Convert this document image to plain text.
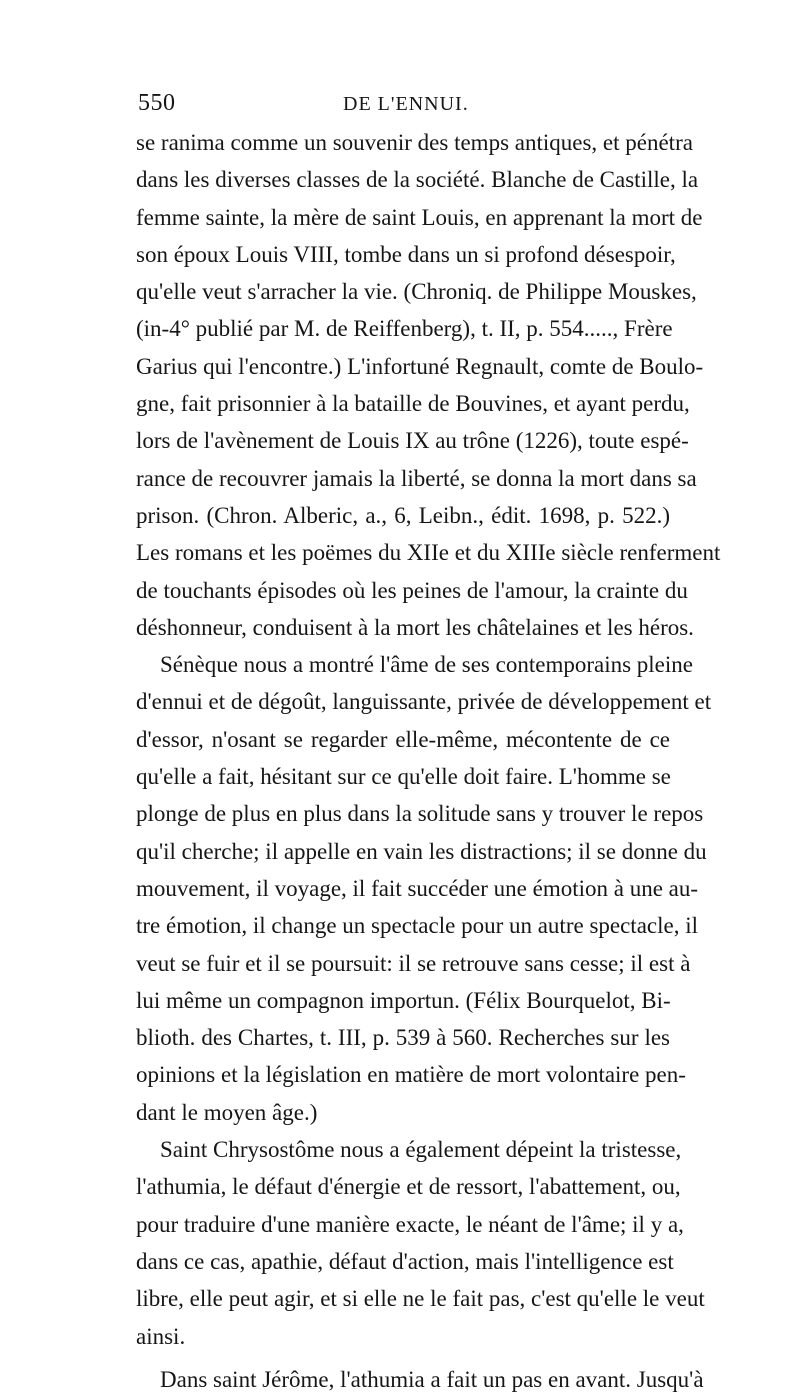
550	DE L'ENNUI.
se ranima comme un souvenir des temps antiques, et pénétra
dans les diverses classes de la société. Blanche de Castille, la
femme sainte, la mère de saint Louis, en apprenant la mort de
son époux Louis VIII, tombe dans un si profond désespoir,
qu'elle veut s'arracher la vie. (Chroniq. de Philippe Mouskes,
(in-4° publié par M. de Reiffenberg), t. II, p. 554....., Frère
Garius qui l'encontre.) L'infortuné Regnault, comte de Boulo-
gne, fait prisonnier à la bataille de Bouvines, et ayant perdu,
lors de l'avènement de Louis IX au trône (1226), toute espé-
rance de recouvrer jamais la liberté, se donna la mort dans sa
prison. (Chron. Alberic, a., 6, Leibn., édit. 1698, p. 522.)
Les romans et les poëmes du XIIe et du XIIIe siècle renferment
de touchants épisodes où les peines de l'amour, la crainte du
déshonneur, conduisent à la mort les châtelaines et les héros.
Sénèque nous a montré l'âme de ses contemporains pleine
d'ennui et de dégoût, languissante, privée de développement et
d'essor, n'osant se regarder elle-même, mécontente de ce
qu'elle a fait, hésitant sur ce qu'elle doit faire. L'homme se
plonge de plus en plus dans la solitude sans y trouver le repos
qu'il cherche; il appelle en vain les distractions; il se donne du
mouvement, il voyage, il fait succéder une émotion à une au-
tre émotion, il change un spectacle pour un autre spectacle, il
veut se fuir et il se poursuit: il se retrouve sans cesse; il est à
lui même un compagnon importun. (Félix Bourquelot, Bi-
blioth. des Chartes, t. III, p. 539 à 560. Recherches sur les
opinions et la législation en matière de mort volontaire pen-
dant le moyen âge.)
Saint Chrysostôme nous a également dépeint la tristesse,
l'athumia, le défaut d'énergie et de ressort, l'abattement, ou,
pour traduire d'une manière exacte, le néant de l'âme; il y a,
dans ce cas, apathie, défaut d'action, mais l'intelligence est
libre, elle peut agir, et si elle ne le fait pas, c'est qu'elle le veut
ainsi.
Dans saint Jérôme, l'athumia a fait un pas en avant. Jusqu'à
